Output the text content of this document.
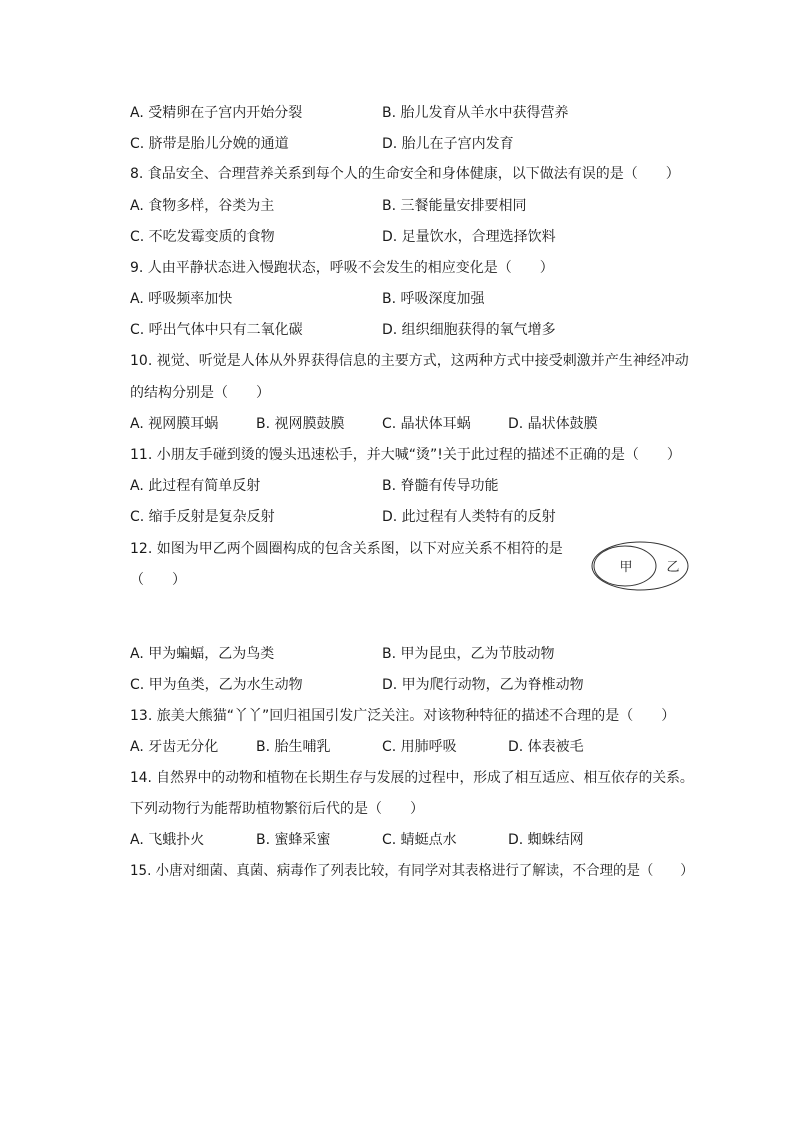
A. 受精卵在子宫内开始分裂	B. 胎儿发育从羊水中获得营养
C. 脐带是胎儿分娩的通道	D. 胎儿在子宫内发育
8. 食品安全、合理营养关系到每个人的生命安全和身体健康，以下做法有误的是（　　）
A. 食物多样，谷类为主	B. 三餐能量安排要相同
C. 不吃发霉变质的食物	D. 足量饮水，合理选择饮料
9. 人由平静状态进入慢跑状态，呼吸不会发生的相应变化是（　　）
A. 呼吸频率加快	B. 呼吸深度加强
C. 呼出气体中只有二氧化碳	D. 组织细胞获得的氧气增多
10. 视觉、听觉是人体从外界获得信息的主要方式，这两种方式中接受刺激并产生神经冲动
的结构分别是（　　）
A. 视网膜耳蜗	B. 视网膜鼓膜	C. 晶状体耳蜗	D. 晶状体鼓膜
11. 小朋友手碰到烫的馒头迅速松手，并大喊“烫”!关于此过程的描述不正确的是（　　）
A. 此过程有简单反射	B. 脊髓有传导功能
C. 缩手反射是复杂反射	D. 此过程有人类特有的反射
12. 如图为甲乙两个圆圈构成的包含关系图，以下对应关系不相符的是
（　　）
甲	乙
A. 甲为蝙蝠，乙为鸟类	B. 甲为昆虫，乙为节肢动物
C. 甲为鱼类，乙为水生动物	D. 甲为爬行动物，乙为脊椎动物
13. 旅美大熊猫“丫丫”回归祖国引发广泛关注。对该物种特征的描述不合理的是（　　）
A. 牙齿无分化	B. 胎生哺乳	C. 用肺呼吸	D. 体表被毛
14. 自然界中的动物和植物在长期生存与发展的过程中，形成了相互适应、相互依存的关系。
下列动物行为能帮助植物繁衍后代的是（　　）
A. 飞蛾扑火	B. 蜜蜂采蜜	C. 蜻蜓点水	D. 蜘蛛结网
15. 小唐对细菌、真菌、病毒作了列表比较，有同学对其表格进行了解读，不合理的是（　　）
